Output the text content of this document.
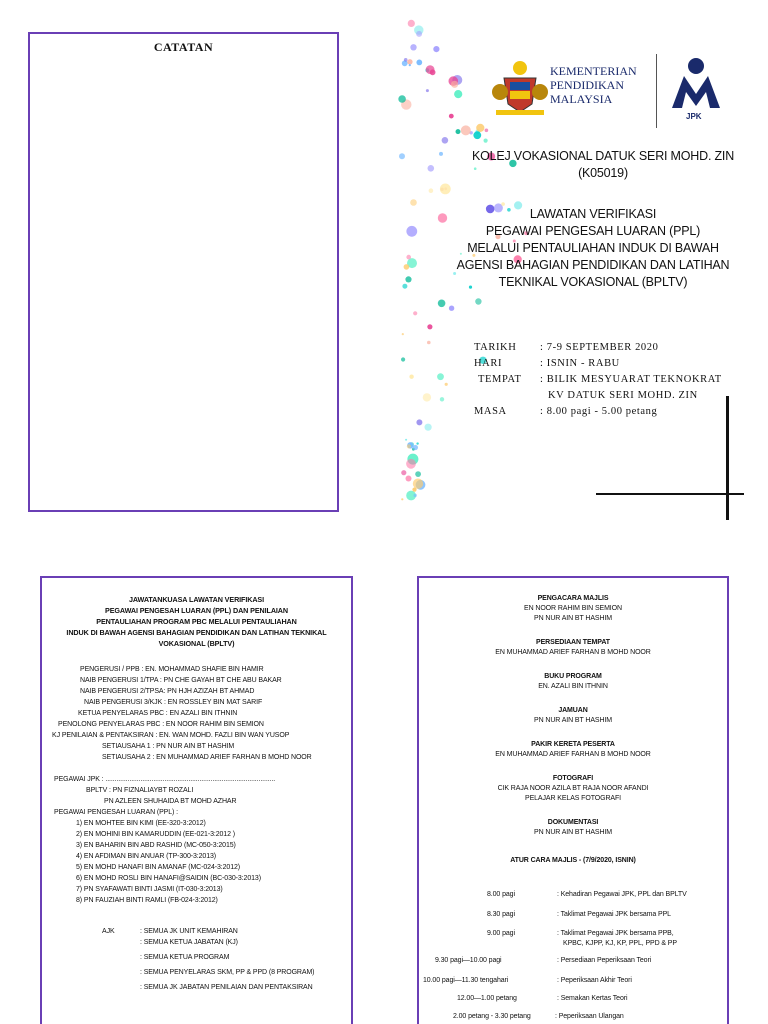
CATATAN
KEMENTERIAN
PENDIDIKAN
MALAYSIA
JPK
KOLEJ VOKASIONAL DATUK SERI MOHD. ZIN
(K05019)
LAWATAN VERIFIKASI
PEGAWAI PENGESAH LUARAN (PPL)
MELALUI PENTAULIAHAN INDUK DI BAWAH
AGENSI BAHAGIAN PENDIDIKAN DAN LATIHAN
TEKNIKAL VOKASIONAL (BPLTV)
TARIKH : 7-9 SEPTEMBER 2020
HARI	: ISNIN - RABU
TEMPAT : BILIK MESYUARAT TEKNOKRAT
KV DATUK SERI MOHD. ZIN
MASA	: 8.00 pagi - 5.00 petang
JAWATANKUASA LAWATAN VERIFIKASI
PEGAWAI PENGESAH LUARAN (PPL) DAN PENILAIAN
PENTAULIAHAN PROGRAM PBC MELALUI PENTAULIAHAN
INDUK DI BAWAH AGENSI BAHAGIAN PENDIDIKAN DAN LATIHAN TEKNIKAL
VOKASIONAL (BPLTV)
PENGERUSI / PPB : EN. MOHAMMAD SHAFIE BIN HAMIR
NAIB PENGERUSI 1/TPA : PN CHE GAYAH BT CHE ABU BAKAR
NAIB PENGERUSI 2/TPSA: PN HJH AZIZAH BT AHMAD
NAIB PENGERUSI 3/KJK : EN ROSSLEY BIN MAT SARIF
KETUA PENYELARAS PBC : EN AZALI BIN ITHNIN
PENOLONG PENYELARAS PBC : EN NOOR RAHIM BIN SEMION
KJ PENILAIAN & PENTAKSIRAN : EN. WAN MOHD. FAZLI BIN WAN YUSOP
SETIAUSAHA 1 : PN NUR AIN BT HASHIM
SETIAUSAHA 2 : EN MUHAMMAD ARIEF FARHAN B MOHD NOOR
PEGAWAI JPK : ............................................................................................
BPLTV : PN FIZNALIAYBT ROZALI
PN AZLEEN SHUHAIDA BT MOHD AZHAR
PEGAWAI PENGESAH LUARAN (PPL) :
1) EN MOHTEE BIN KIMI (EE-320-3:2012)
2) EN MOHINI BIN KAMARUDDIN (EE-021-3:2012 )
3) EN BAHARIN BIN ABD RASHID (MC-050-3:2015)
4) EN AFDIMAN BIN ANUAR (TP-300-3:2013)
5) EN MOHD HANAFI BIN AMANAF (MC-024-3:2012)
6) EN MOHD ROSLI BIN HANAFI@SAIDIN (BC-030-3:2013)
7) PN SYAFAWATI BINTI JASMI (IT-030-3:2013)
8) PN FAUZIAH BINTI RAMLI (FB-024-3:2012)
AJK	: SEMUA JK UNIT KEMAHIRAN
: SEMUA KETUA JABATAN (KJ)
: SEMUA KETUA PROGRAM
: SEMUA PENYELARAS SKM, PP & PPD (8 PROGRAM)
: SEMUA JK JABATAN PENILAIAN DAN PENTAKSIRAN
PENGACARA MAJLIS
EN NOOR RAHIM BIN SEMION
PN NUR AIN BT HASHIM
PERSEDIAAN TEMPAT
EN MUHAMMAD ARIEF FARHAN B MOHD NOOR
BUKU PROGRAM
EN. AZALI BIN ITHNIN
JAMUAN
PN NUR AIN BT HASHIM
PAKIR KERETA PESERTA
EN MUHAMMAD ARIEF FARHAN B MOHD NOOR
FOTOGRAFI
CIK RAJA NOOR AZILA BT RAJA NOOR AFANDI
PELAJAR KELAS FOTOGRAFI
DOKUMENTASI
PN NUR AIN BT HASHIM
ATUR CARA MAJLIS - (7/9/2020, ISNIN)
8.00 pagi	: Kehadiran Pegawai JPK, PPL dan BPLTV
8.30 pagi	: Taklimat Pegawai JPK bersama PPL
9.00 pagi	: Taklimat Pegawai JPK bersama PPB,
KPBC, KJPP, KJ, KP, PPL, PPD & PP
9.30 pagi—10.00 pagi	: Persediaan Peperiksaan Teori
10.00 pagi—11.30 tengahari	: Peperiksaan Akhir Teori
12.00—1.00 petang	: Semakan Kertas Teori
2.00 petang - 3.30 petang	: Peperiksaan Ulangan
